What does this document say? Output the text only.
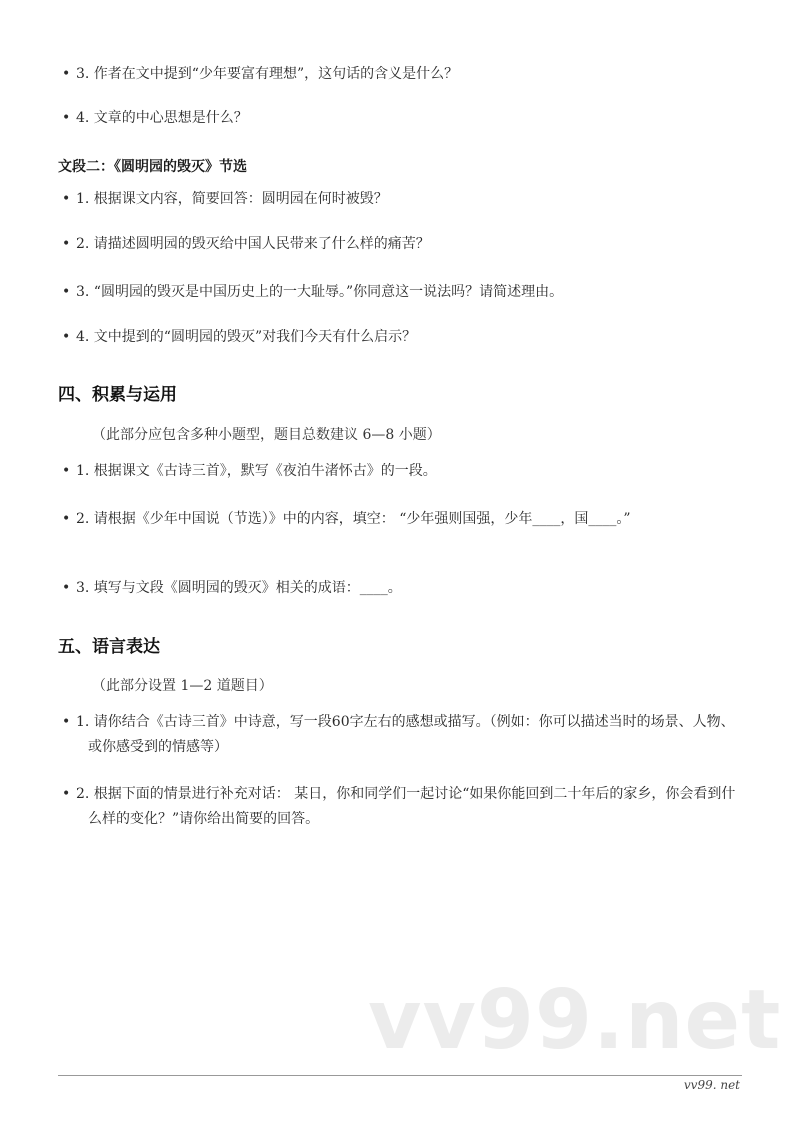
• 3. 作者在文中提到“少年要富有理想”，这句话的含义是什么？
• 4. 文章的中心思想是什么？
文段二：《圆明园的毁灭》节选
• 1. 根据课文内容，简要回答：圆明园在何时被毁？
• 2. 请描述圆明园的毁灭给中国人民带来了什么样的痛苦？
• 3. “圆明园的毁灭是中国历史上的一大耻辱。”你同意这一说法吗？请简述理由。
• 4. 文中提到的“圆明园的毁灭”对我们今天有什么启示？
四、积累与运用
（此部分应包含多种小题型，题目总数建议 6—8 小题）
• 1. 根据课文《古诗三首》，默写《夜泊牛渚怀古》的一段。
• 2. 请根据《少年中国说（节选）》中的内容，填空： “少年强则国强，少年____，国____。”
• 3. 填写与文段《圆明园的毁灭》相关的成语：____。
五、语言表达
（此部分设置 1—2 道题目）
• 1. 请你结合《古诗三首》中诗意，写一段60字左右的感想或描写。（例如：你可以描述当时的场景、人物、或你感受到的情感等）
• 2. 根据下面的情景进行补充对话： 某日，你和同学们一起讨论“如果你能回到二十年后的家乡，你会看到什么样的变化？”请你给出简要的回答。
vv99.net
vv99. net
